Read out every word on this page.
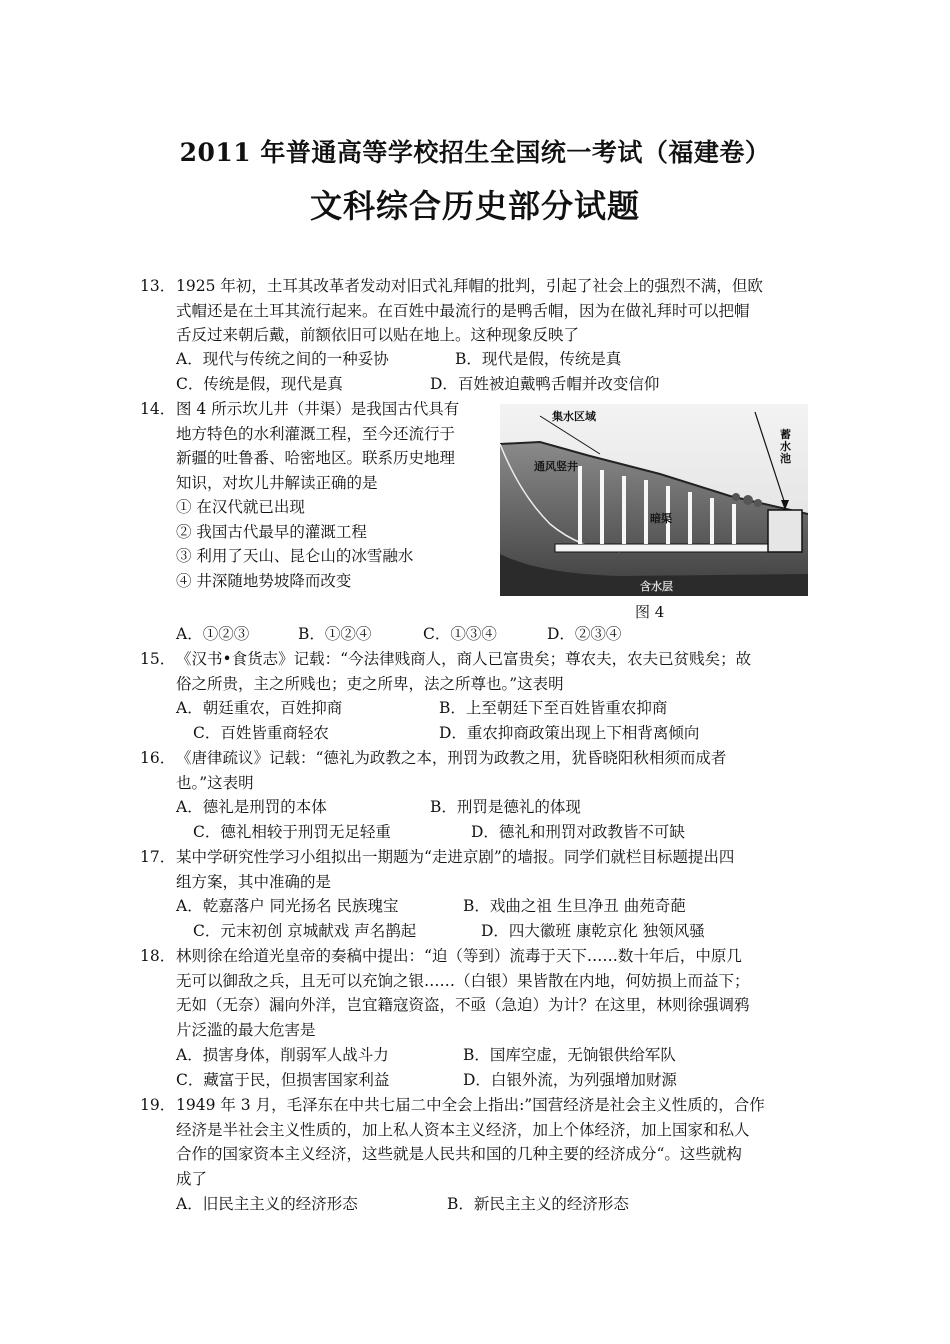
2011 年普通高等学校招生全国统一考试（福建卷）
文科综合历史部分试题
13．1925 年初，土耳其改革者发动对旧式礼拜帽的批判，引起了社会上的强烈不满，但欧
式帽还是在土耳其流行起来。在百姓中最流行的是鸭舌帽，因为在做礼拜时可以把帽
舌反过来朝后戴，前额依旧可以贴在地上。这种现象反映了
A．现代与传统之间的一种妥协	B．现代是假，传统是真
C．传统是假，现代是真	D．百姓被迫戴鸭舌帽并改变信仰
14．图 4 所示坎儿井（井渠）是我国古代具有
地方特色的水利灌溉工程，至今还流行于
新疆的吐鲁番、哈密地区。联系历史地理
知识，对坎儿井解读正确的是
① 在汉代就已出现
② 我国古代最早的灌溉工程
③ 利用了天山、昆仑山的冰雪融水
④ 井深随地势坡降而改变
集水区域
通风竖井
暗渠
蓄水池
含水层
图 4
A．①②③	B．①②④	C．①③④	D．②③④
15．《汉书•食货志》记载：“今法律贱商人，商人已富贵矣；尊农夫，农夫已贫贱矣；故
俗之所贵，主之所贱也；吏之所卑，法之所尊也。”这表明
A．朝廷重农，百姓抑商	B．上至朝廷下至百姓皆重农抑商
C．百姓皆重商轻农	D．重农抑商政策出现上下相背离倾向
16．《唐律疏议》记载：“德礼为政教之本，刑罚为政教之用，犹昏晓阳秋相须而成者
也。”这表明
A．德礼是刑罚的本体	B．刑罚是德礼的体现
C．德礼相较于刑罚无足轻重	D．德礼和刑罚对政教皆不可缺
17．某中学研究性学习小组拟出一期题为“走进京剧”的墙报。同学们就栏目标题提出四
组方案，其中准确的是
A．乾嘉落户 同光扬名 民族瑰宝	B．戏曲之祖 生旦净丑 曲苑奇葩
C．元末初创 京城献戏 声名鹊起	D．四大徽班 康乾京化 独领风骚
18．林则徐在给道光皇帝的奏稿中提出：“迫（等到）流毒于天下……数十年后，中原几
无可以御敌之兵，且无可以充饷之银……（白银）果皆散在内地，何妨损上而益下；
无如（无奈）漏向外洋，岂宜籍寇资盗，不亟（急迫）为计？在这里，林则徐强调鸦
片泛滥的最大危害是
A．损害身体，削弱军人战斗力	B．国库空虚，无饷银供给军队
C．藏富于民，但损害国家利益	D．白银外流，为列强增加财源
19．1949 年 3 月，毛泽东在中共七届二中全会上指出:”国营经济是社会主义性质的，合作
经济是半社会主义性质的，加上私人资本主义经济，加上个体经济，加上国家和私人
合作的国家资本主义经济，这些就是人民共和国的几种主要的经济成分“。这些就构
成了
A．旧民主主义的经济形态	B．新民主主义的经济形态
